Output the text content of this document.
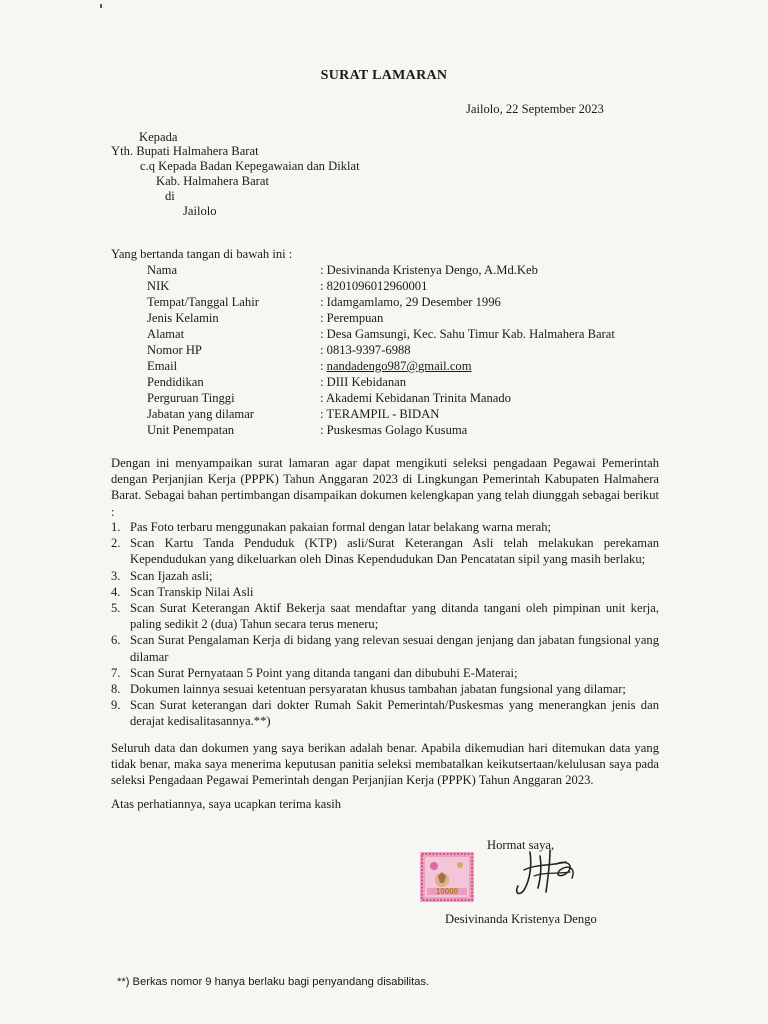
SURAT LAMARAN
Jailolo, 22 September 2023
Kepada
Yth. Bupati Halmahera Barat
c.q Kepada Badan Kepegawaian dan Diklat
Kab. Halmahera Barat
di
Jailolo
Yang bertanda tangan di bawah ini :
Nama	: Desivinanda Kristenya Dengo, A.Md.Keb
NIK	: 8201096012960001
Tempat/Tanggal Lahir	: Idamgamlamo, 29 Desember 1996
Jenis Kelamin	: Perempuan
Alamat	: Desa Gamsungi, Kec. Sahu Timur Kab. Halmahera Barat
Nomor HP	: 0813-9397-6988
Email	: nandadengo987@gmail.com
Pendidikan	: DIII Kebidanan
Perguruan Tinggi	: Akademi Kebidanan Trinita Manado
Jabatan yang dilamar	: TERAMPIL - BIDAN
Unit Penempatan	: Puskesmas Golago Kusuma
Dengan ini menyampaikan surat lamaran agar dapat mengikuti seleksi pengadaan Pegawai Pemerintah dengan Perjanjian Kerja (PPPK) Tahun Anggaran 2023 di Lingkungan Pemerintah Kabupaten Halmahera Barat. Sebagai bahan pertimbangan disampaikan dokumen kelengkapan yang telah diunggah sebagai berikut :
1. Pas Foto terbaru menggunakan pakaian formal dengan latar belakang warna merah;
2. Scan Kartu Tanda Penduduk (KTP) asli/Surat Keterangan Asli telah melakukan perekaman Kependudukan yang dikeluarkan oleh Dinas Kependudukan Dan Pencatatan sipil yang masih berlaku;
3. Scan Ijazah asli;
4. Scan Transkip Nilai Asli
5. Scan Surat Keterangan Aktif Bekerja saat mendaftar yang ditanda tangani oleh pimpinan unit kerja, paling sedikit 2 (dua) Tahun secara terus meneru;
6. Scan Surat Pengalaman Kerja di bidang yang relevan sesuai dengan jenjang dan jabatan fungsional yang dilamar
7. Scan Surat Pernyataan 5 Point yang ditanda tangani dan dibubuhi E-Materai;
8. Dokumen lainnya sesuai ketentuan persyaratan khusus tambahan jabatan fungsional yang dilamar;
9. Scan Surat keterangan dari dokter Rumah Sakit Pemerintah/Puskesmas yang menerangkan jenis dan derajat kedisalitasannya.**)
Seluruh data dan dokumen yang saya berikan adalah benar. Apabila dikemudian hari ditemukan data yang tidak benar, maka saya menerima keputusan panitia seleksi membatalkan keikutsertaan/kelulusan saya pada seleksi Pengadaan Pegawai Pemerintah dengan Perjanjian Kerja (PPPK) Tahun Anggaran 2023.
Atas perhatiannya, saya ucapkan terima kasih
Hormat saya,
10000
Desivinanda Kristenya Dengo
**) Berkas nomor 9 hanya berlaku bagi penyandang disabilitas.
